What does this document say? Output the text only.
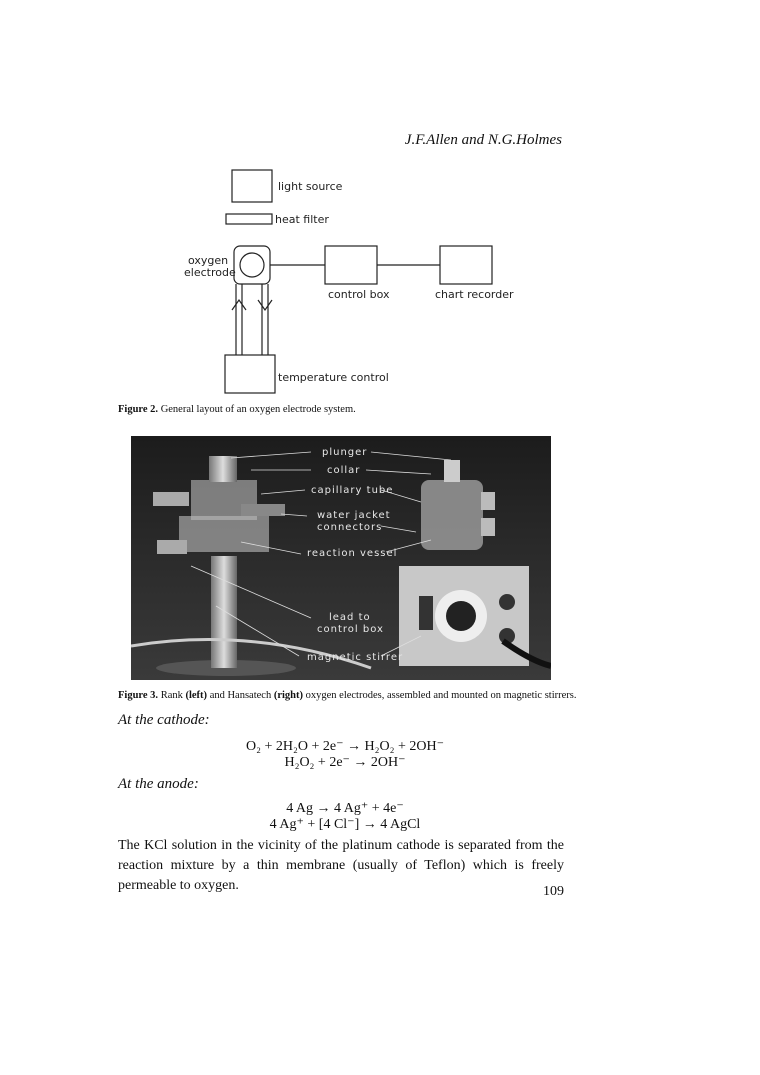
J.F.Allen and N.G.Holmes
light source
heat filter
oxygen
electrode
control box	chart recorder
temperature control
Figure 2. General layout of an oxygen electrode system.
plunger
collar
capillary tube
water jacket
connectors
reaction vessel
lead to
control box
magnetic stirrer
Figure 3. Rank (left) and Hansatech (right) oxygen electrodes, assembled and mounted on magnetic stirrers.
At the cathode:
O₂ + 2H₂O + 2e⁻ → H₂O₂ + 2OH⁻
H₂O₂ + 2e⁻ → 2OH⁻
At the anode:
4 Ag → 4 Ag⁺ + 4e⁻
4 Ag⁺ + [4 Cl⁻] → 4 AgCl
The KCl solution in the vicinity of the platinum cathode is separated from the reaction mixture by a thin membrane (usually of Teflon) which is freely permeable to oxygen.	109
